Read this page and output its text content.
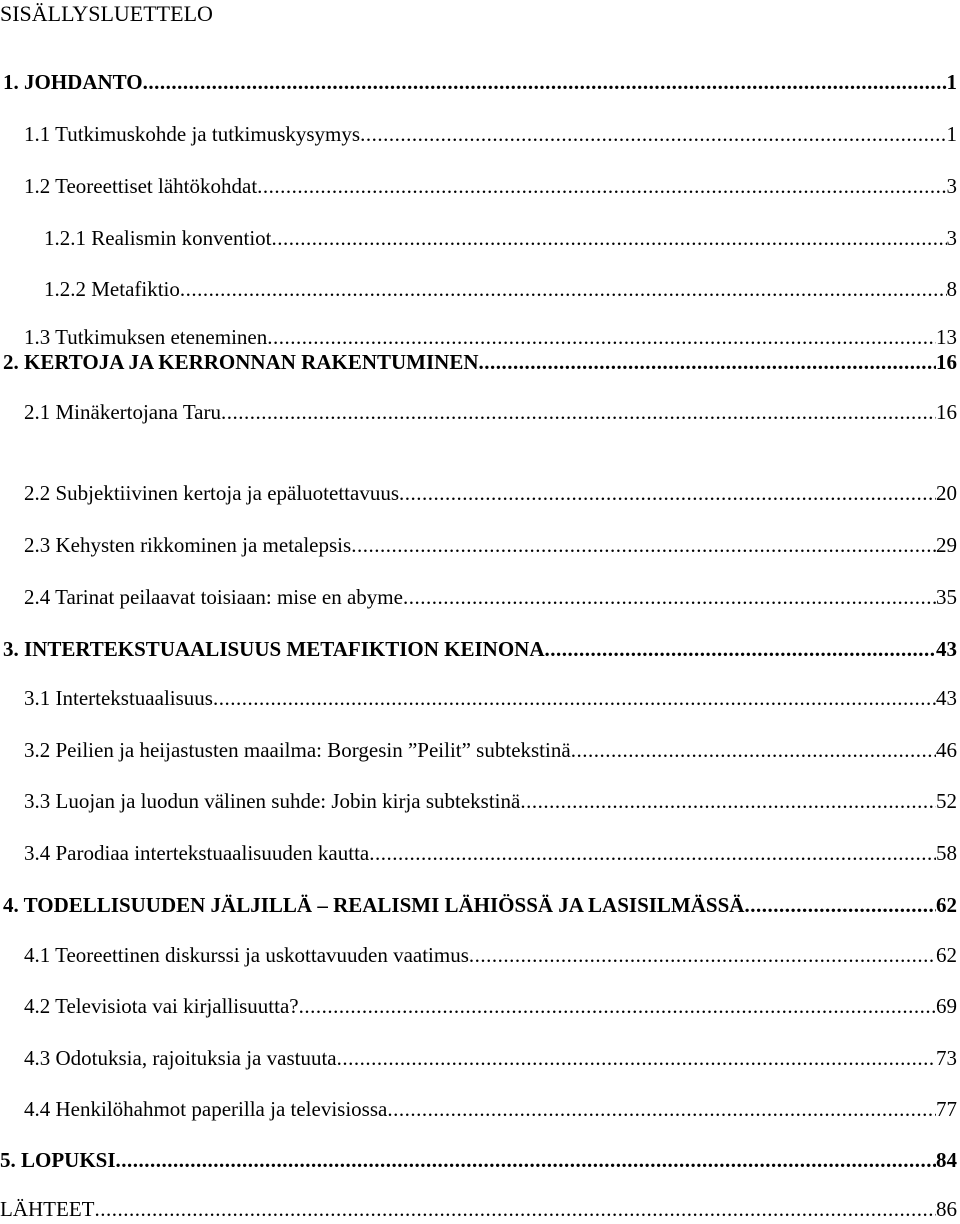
SISÄLLYSLUETTELO
1. JOHDANTO .....	1
1.1 Tutkimuskohde ja tutkimuskysymys .....	1
1.2 Teoreettiset lähtökohdat .....	3
1.2.1 Realismin konventiot .....	3
1.2.2 Metafiktio .....	8
1.3 Tutkimuksen eteneminen .....	13
2. KERTOJA JA KERRONNAN RAKENTUMINEN .....	16
2.1 Minäkertojana Taru .....	16
2.2 Subjektiivinen kertoja ja epäluotettavuus .....	20
2.3 Kehysten rikkominen ja metalepsis .....	29
2.4 Tarinat peilaavat toisiaan: mise en abyme .....	35
3. INTERTEKSTUAALISUUS METAFIKTION KEINONA .....	43
3.1 Intertekstuaalisuus .....	43
3.2 Peilien ja heijastusten maailma: Borgesin ”Peilit” subtekstinä .....	46
3.3 Luojan ja luodun välinen suhde: Jobin kirja subtekstinä .....	52
3.4 Parodiaa intertekstuaalisuuden kautta .....	58
4. TODELLISUUDEN JÄLJILLÄ – REALISMI LÄHIÖSSÄ JA LASISILMÄSSÄ .....	62
4.1 Teoreettinen diskurssi ja uskottavuuden vaatimus .....	62
4.2 Televisiota vai kirjallisuutta? .....	69
4.3 Odotuksia, rajoituksia ja vastuuta .....	73
4.4 Henkilöhahmot paperilla ja televisiossa .....	77
5. LOPUKSI .....	84
LÄHTEET .....	86
